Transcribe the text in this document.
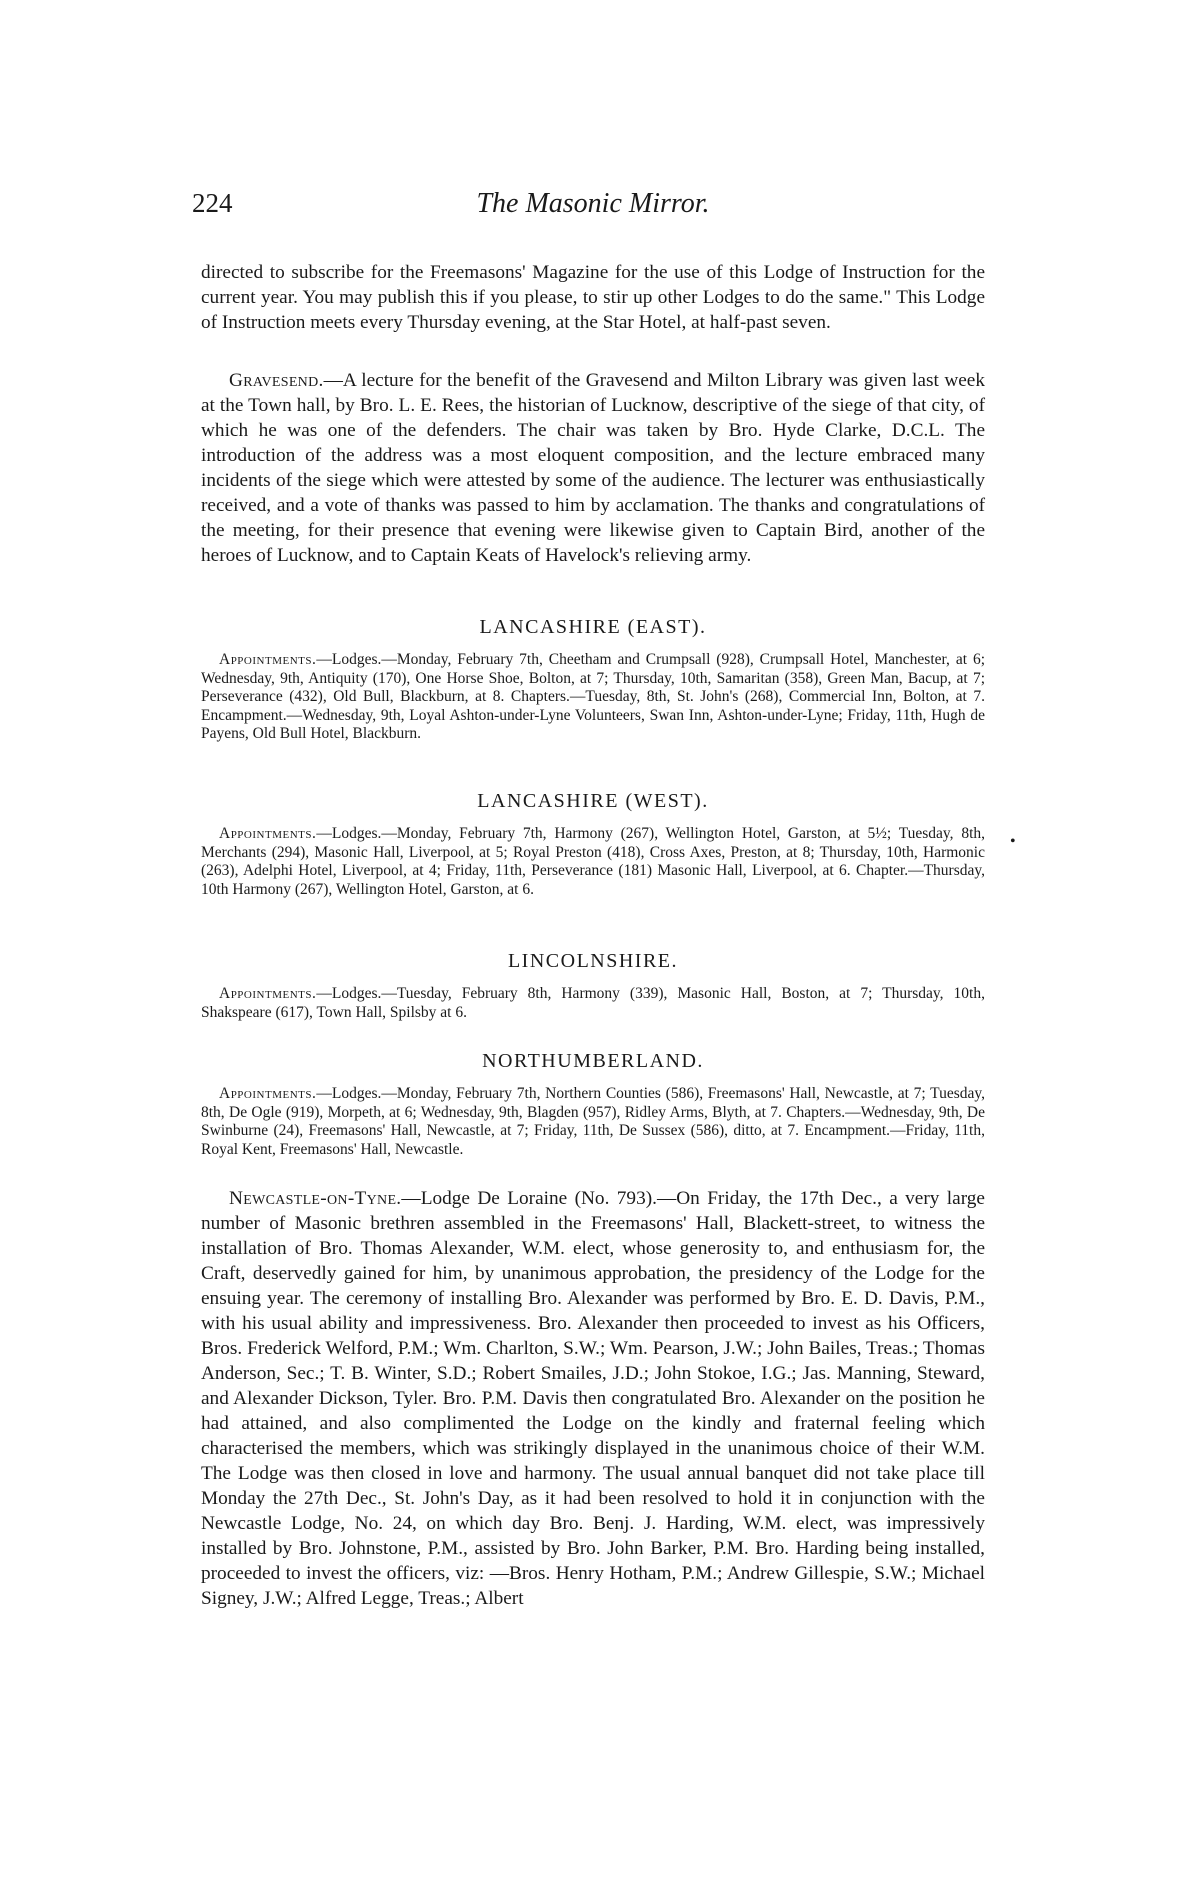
224	The Masonic Mirror.

directed to subscribe for the Freemasons' Magazine for the use of this Lodge of Instruction for the current year. You may publish this if you please, to stir up other Lodges to do the same." This Lodge of Instruction meets every Thursday evening, at the Star Hotel, at half-past seven.

Gravesend.—A lecture for the benefit of the Gravesend and Milton Library was given last week at the Town hall, by Bro. L. E. Rees, the historian of Lucknow, descriptive of the siege of that city, of which he was one of the defenders. The chair was taken by Bro. Hyde Clarke, D.C.L. The introduction of the address was a most eloquent composition, and the lecture embraced many incidents of the siege which were attested by some of the audience. The lecturer was enthusiastically received, and a vote of thanks was passed to him by acclamation. The thanks and congratulations of the meeting, for their presence that evening were likewise given to Captain Bird, another of the heroes of Lucknow, and to Captain Keats of Havelock's relieving army.

LANCASHIRE (EAST).

Appointments.—Lodges.—Monday, February 7th, Cheetham and Crumpsall (928), Crumpsall Hotel, Manchester, at 6; Wednesday, 9th, Antiquity (170), One Horse Shoe, Bolton, at 7; Thursday, 10th, Samaritan (358), Green Man, Bacup, at 7; Perseverance (432), Old Bull, Blackburn, at 8. Chapters.—Tuesday, 8th, St. John's (268), Commercial Inn, Bolton, at 7. Encampment.—Wednesday, 9th, Loyal Ashton-under-Lyne Volunteers, Swan Inn, Ashton-under-Lyne; Friday, 11th, Hugh de Payens, Old Bull Hotel, Blackburn.

LANCASHIRE (WEST).

Appointments.—Lodges.—Monday, February 7th, Harmony (267), Wellington Hotel, Garston, at 5½; Tuesday, 8th, Merchants (294), Masonic Hall, Liverpool, at 5; Royal Preston (418), Cross Axes, Preston, at 8; Thursday, 10th, Harmonic (263), Adelphi Hotel, Liverpool, at 4; Friday, 11th, Perseverance (181) Masonic Hall, Liverpool, at 6. Chapter.—Thursday, 10th Harmony (267), Wellington Hotel, Garston, at 6.

•

LINCOLNSHIRE.

Appointments.—Lodges.—Tuesday, February 8th, Harmony (339), Masonic Hall, Boston, at 7; Thursday, 10th, Shakspeare (617), Town Hall, Spilsby at 6.

NORTHUMBERLAND.

Appointments.—Lodges.—Monday, February 7th, Northern Counties (586), Freemasons' Hall, Newcastle, at 7; Tuesday, 8th, De Ogle (919), Morpeth, at 6; Wednesday, 9th, Blagden (957), Ridley Arms, Blyth, at 7. Chapters.—Wednesday, 9th, De Swinburne (24), Freemasons' Hall, Newcastle, at 7; Friday, 11th, De Sussex (586), ditto, at 7. Encampment.—Friday, 11th, Royal Kent, Freemasons' Hall, Newcastle.

Newcastle-on-Tyne.—Lodge De Loraine (No. 793).—On Friday, the 17th Dec., a very large number of Masonic brethren assembled in the Freemasons' Hall, Blackett-street, to witness the installation of Bro. Thomas Alexander, W.M. elect, whose generosity to, and enthusiasm for, the Craft, deservedly gained for him, by unanimous approbation, the presidency of the Lodge for the ensuing year. The ceremony of installing Bro. Alexander was performed by Bro. E. D. Davis, P.M., with his usual ability and impressiveness. Bro. Alexander then proceeded to invest as his Officers, Bros. Frederick Welford, P.M.; Wm. Charlton, S.W.; Wm. Pearson, J.W.; John Bailes, Treas.; Thomas Anderson, Sec.; T. B. Winter, S.D.; Robert Smailes, J.D.; John Stokoe, I.G.; Jas. Manning, Steward, and Alexander Dickson, Tyler. Bro. P.M. Davis then congratulated Bro. Alexander on the position he had attained, and also complimented the Lodge on the kindly and fraternal feeling which characterised the members, which was strikingly displayed in the unanimous choice of their W.M. The Lodge was then closed in love and harmony. The usual annual banquet did not take place till Monday the 27th Dec., St. John's Day, as it had been resolved to hold it in conjunction with the Newcastle Lodge, No. 24, on which day Bro. Benj. J. Harding, W.M. elect, was impressively installed by Bro. Johnstone, P.M., assisted by Bro. John Barker, P.M. Bro. Harding being installed, proceeded to invest the officers, viz: —Bros. Henry Hotham, P.M.; Andrew Gillespie, S.W.; Michael Signey, J.W.; Alfred Legge, Treas.; Albert
